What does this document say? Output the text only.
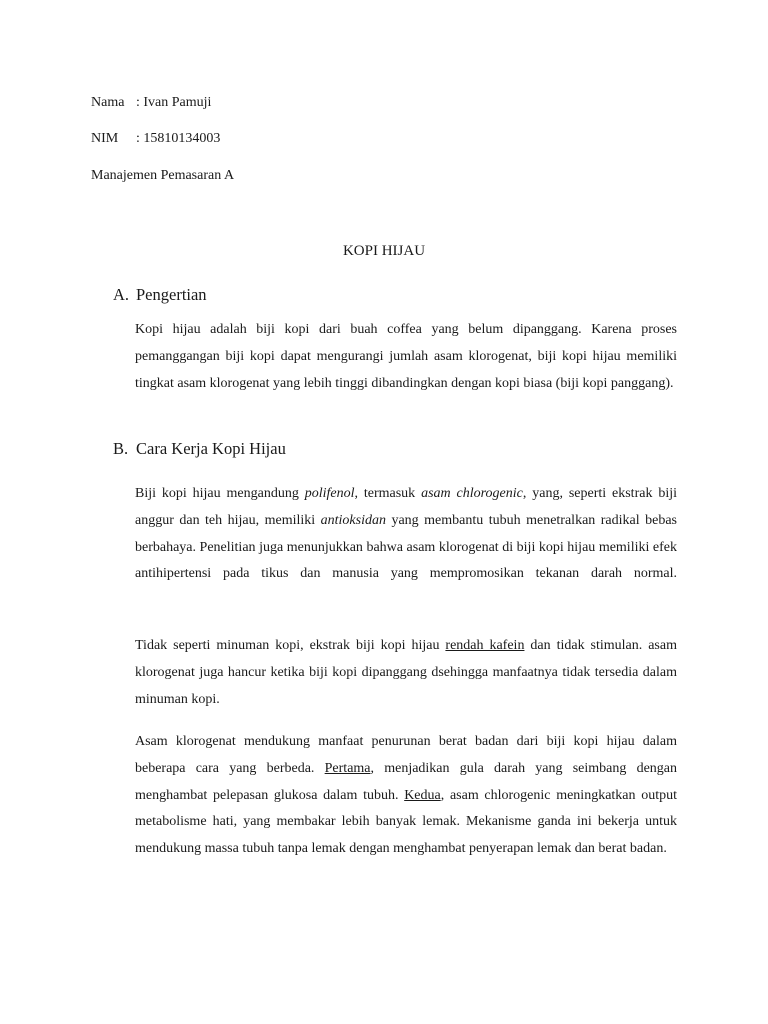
Nama : Ivan Pamuji
NIM : 15810134003
Manajemen Pemasaran A
KOPI HIJAU
A. Pengertian

Kopi hijau adalah biji kopi dari buah coffea yang belum dipanggang. Karena proses pemanggangan biji kopi dapat mengurangi jumlah asam klorogenat, biji kopi hijau memiliki tingkat asam klorogenat yang lebih tinggi dibandingkan dengan kopi biasa (biji kopi panggang).

B. Cara Kerja Kopi Hijau

Biji kopi hijau mengandung polifenol, termasuk asam chlorogenic, yang, seperti ekstrak biji anggur dan teh hijau, memiliki antioksidan yang membantu tubuh menetralkan radikal bebas berbahaya. Penelitian juga menunjukkan bahwa asam klorogenat di biji kopi hijau memiliki efek antihipertensi pada tikus dan manusia yang mempromosikan tekanan darah normal.

Tidak seperti minuman kopi, ekstrak biji kopi hijau rendah kafein dan tidak stimulan. asam klorogenat juga hancur ketika biji kopi dipanggang dsehingga manfaatnya tidak tersedia dalam minuman kopi.

Asam klorogenat mendukung manfaat penurunan berat badan dari biji kopi hijau dalam beberapa cara yang berbeda. Pertama, menjadikan gula darah yang seimbang dengan menghambat pelepasan glukosa dalam tubuh. Kedua, asam chlorogenic meningkatkan output metabolisme hati, yang membakar lebih banyak lemak. Mekanisme ganda ini bekerja untuk mendukung massa tubuh tanpa lemak dengan menghambat penyerapan lemak dan berat badan.
